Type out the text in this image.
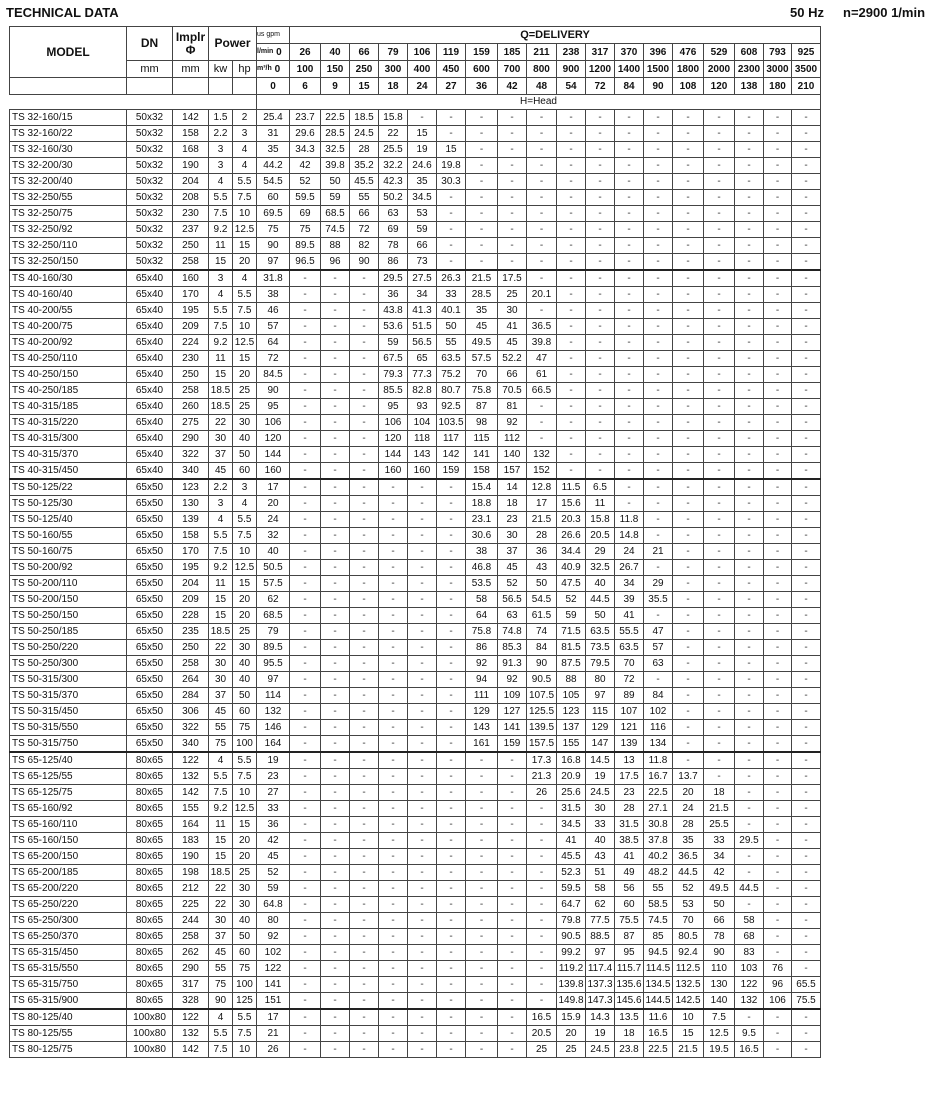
TECHNICAL DATA	50 Hz n=2900 1/min
MODEL	DN	Implr Φ	Power		us gpm	Q=DELIVERY																	
					l/min 0	26	40	66	79	106	119	159	185	211	238	317	370	396	476	529	608	793	925
	mm	mm	kw	hp	m³/h 0	100	150	250	300	400	450	600	700	800	900	1200	1400	1500	1800	2000	2300	3000	3500
					0	6	9	15	18	24	27	36	42	48	54	72	84	90	108	120	138	180	210
					H=Head																		
TS 32-160/15	50x32	142	1.5	2	25.4	23.7	22.5	18.5	15.8	-	-	-	-	-	-	-	-	-	-	-	-	-	-
TS 32-160/22	50x32	158	2.2	3	31	29.6	28.5	24.5	22	15	-	-	-	-	-	-	-	-	-	-	-	-	-
TS 32-160/30	50x32	168	3	4	35	34.3	32.5	28	25.5	19	15	-	-	-	-	-	-	-	-	-	-	-	-
TS 32-200/30	50x32	190	3	4	44.2	42	39.8	35.2	32.2	24.6	19.8	-	-	-	-	-	-	-	-	-	-	-	-
TS 32-200/40	50x32	204	4	5.5	54.5	52	50	45.5	42.3	35	30.3	-	-	-	-	-	-	-	-	-	-	-	-
TS 32-250/55	50x32	208	5.5	7.5	60	59.5	59	55	50.2	34.5	-	-	-	-	-	-	-	-	-	-	-	-	-
TS 32-250/75	50x32	230	7.5	10	69.5	69	68.5	66	63	53	-	-	-	-	-	-	-	-	-	-	-	-	-
TS 32-250/92	50x32	237	9.2	12.5	75	75	74.5	72	69	59	-	-	-	-	-	-	-	-	-	-	-	-	-
TS 32-250/110	50x32	250	11	15	90	89.5	88	82	78	66	-	-	-	-	-	-	-	-	-	-	-	-	-
TS 32-250/150	50x32	258	15	20	97	96.5	96	90	86	73	-	-	-	-	-	-	-	-	-	-	-	-	-
TS 40-160/30	65x40	160	3	4	31.8	-	-	-	29.5	27.5	26.3	21.5	17.5	-	-	-	-	-	-	-	-	-	-
TS 40-160/40	65x40	170	4	5.5	38	-	-	-	36	34	33	28.5	25	20.1	-	-	-	-	-	-	-	-	-
TS 40-200/55	65x40	195	5.5	7.5	46	-	-	-	43.8	41.3	40.1	35	30	-	-	-	-	-	-	-	-	-	-
TS 40-200/75	65x40	209	7.5	10	57	-	-	-	53.6	51.5	50	45	41	36.5	-	-	-	-	-	-	-	-	-
TS 40-200/92	65x40	224	9.2	12.5	64	-	-	-	59	56.5	55	49.5	45	39.8	-	-	-	-	-	-	-	-	-
TS 40-250/110	65x40	230	11	15	72	-	-	-	67.5	65	63.5	57.5	52.2	47	-	-	-	-	-	-	-	-	-
TS 40-250/150	65x40	250	15	20	84.5	-	-	-	79.3	77.3	75.2	70	66	61	-	-	-	-	-	-	-	-	-
TS 40-250/185	65x40	258	18.5	25	90	-	-	-	85.5	82.8	80.7	75.8	70.5	66.5	-	-	-	-	-	-	-	-	-
TS 40-315/185	65x40	260	18.5	25	95	-	-	-	95	93	92.5	87	81	-	-	-	-	-	-	-	-	-	-
TS 40-315/220	65x40	275	22	30	106	-	-	-	106	104	103.5	98	92	-	-	-	-	-	-	-	-	-	-
TS 40-315/300	65x40	290	30	40	120	-	-	-	120	118	117	115	112	-	-	-	-	-	-	-	-	-	-
TS 40-315/370	65x40	322	37	50	144	-	-	-	144	143	142	141	140	132	-	-	-	-	-	-	-	-	-
TS 40-315/450	65x40	340	45	60	160	-	-	-	160	160	159	158	157	152	-	-	-	-	-	-	-	-	-
TS 50-125/22	65x50	123	2.2	3	17	-	-	-	-	-	-	15.4	14	12.8	11.5	6.5	-	-	-	-	-	-	-
TS 50-125/30	65x50	130	3	4	20	-	-	-	-	-	-	18.8	18	17	15.6	11	-	-	-	-	-	-	-
TS 50-125/40	65x50	139	4	5.5	24	-	-	-	-	-	-	23.1	23	21.5	20.3	15.8	11.8	-	-	-	-	-	-
TS 50-160/55	65x50	158	5.5	7.5	32	-	-	-	-	-	-	30.6	30	28	26.6	20.5	14.8	-	-	-	-	-	-
TS 50-160/75	65x50	170	7.5	10	40	-	-	-	-	-	-	38	37	36	34.4	29	24	21	-	-	-	-	-
TS 50-200/92	65x50	195	9.2	12.5	50.5	-	-	-	-	-	-	46.8	45	43	40.9	32.5	26.7	-	-	-	-	-	-
TS 50-200/110	65x50	204	11	15	57.5	-	-	-	-	-	-	53.5	52	50	47.5	40	34	29	-	-	-	-	-
TS 50-200/150	65x50	209	15	20	62	-	-	-	-	-	-	58	56.5	54.5	52	44.5	39	35.5	-	-	-	-	-
TS 50-250/150	65x50	228	15	20	68.5	-	-	-	-	-	-	64	63	61.5	59	50	41	-	-	-	-	-	-
TS 50-250/185	65x50	235	18.5	25	79	-	-	-	-	-	-	75.8	74.8	74	71.5	63.5	55.5	47	-	-	-	-	-
TS 50-250/220	65x50	250	22	30	89.5	-	-	-	-	-	-	86	85.3	84	81.5	73.5	63.5	57	-	-	-	-	-
TS 50-250/300	65x50	258	30	40	95.5	-	-	-	-	-	-	92	91.3	90	87.5	79.5	70	63	-	-	-	-	-
TS 50-315/300	65x50	264	30	40	97	-	-	-	-	-	-	94	92	90.5	88	80	72	-	-	-	-	-	-
TS 50-315/370	65x50	284	37	50	114	-	-	-	-	-	-	111	109	107.5	105	97	89	84	-	-	-	-	-
TS 50-315/450	65x50	306	45	60	132	-	-	-	-	-	-	129	127	125.5	123	115	107	102	-	-	-	-	-
TS 50-315/550	65x50	322	55	75	146	-	-	-	-	-	-	143	141	139.5	137	129	121	116	-	-	-	-	-
TS 50-315/750	65x50	340	75	100	164	-	-	-	-	-	-	161	159	157.5	155	147	139	134	-	-	-	-	-
TS 65-125/40	80x65	122	4	5.5	19	-	-	-	-	-	-	-	-	17.3	16.8	14.5	13	11.8	-	-	-	-	-
TS 65-125/55	80x65	132	5.5	7.5	23	-	-	-	-	-	-	-	-	21.3	20.9	19	17.5	16.7	13.7	-	-	-	-
TS 65-125/75	80x65	142	7.5	10	27	-	-	-	-	-	-	-	-	26	25.6	24.5	23	22.5	20	18	-	-	-
TS 65-160/92	80x65	155	9.2	12.5	33	-	-	-	-	-	-	-	-	-	31.5	30	28	27.1	24	21.5	-	-	-
TS 65-160/110	80x65	164	11	15	36	-	-	-	-	-	-	-	-	-	34.5	33	31.5	30.8	28	25.5	-	-	-
TS 65-160/150	80x65	183	15	20	42	-	-	-	-	-	-	-	-	-	41	40	38.5	37.8	35	33	29.5	-	-
TS 65-200/150	80x65	190	15	20	45	-	-	-	-	-	-	-	-	-	45.5	43	41	40.2	36.5	34	-	-	-
TS 65-200/185	80x65	198	18.5	25	52	-	-	-	-	-	-	-	-	-	52.3	51	49	48.2	44.5	42	-	-	-
TS 65-200/220	80x65	212	22	30	59	-	-	-	-	-	-	-	-	-	59.5	58	56	55	52	49.5	44.5	-	-
TS 65-250/220	80x65	225	22	30	64.8	-	-	-	-	-	-	-	-	-	64.7	62	60	58.5	53	50	-	-	-
TS 65-250/300	80x65	244	30	40	80	-	-	-	-	-	-	-	-	-	79.8	77.5	75.5	74.5	70	66	58	-	-
TS 65-250/370	80x65	258	37	50	92	-	-	-	-	-	-	-	-	-	90.5	88.5	87	85	80.5	78	68	-	-
TS 65-315/450	80x65	262	45	60	102	-	-	-	-	-	-	-	-	-	99.2	97	95	94.5	92.4	90	83	-	-
TS 65-315/550	80x65	290	55	75	122	-	-	-	-	-	-	-	-	-	119.2	117.4	115.7	114.5	112.5	110	103	76	-
TS 65-315/750	80x65	317	75	100	141	-	-	-	-	-	-	-	-	-	139.8	137.3	135.6	134.5	132.5	130	122	96	65.5
TS 65-315/900	80x65	328	90	125	151	-	-	-	-	-	-	-	-	-	149.8	147.3	145.6	144.5	142.5	140	132	106	75.5
TS 80-125/40	100x80	122	4	5.5	17	-	-	-	-	-	-	-	-	16.5	15.9	14.3	13.5	11.6	10	7.5	-	-	-
TS 80-125/55	100x80	132	5.5	7.5	21	-	-	-	-	-	-	-	-	20.5	20	19	18	16.5	15	12.5	9.5	-	-
TS 80-125/75	100x80	142	7.5	10	26	-	-	-	-	-	-	-	-	25	25	24.5	23.8	22.5	21.5	19.5	16.5	-	-
